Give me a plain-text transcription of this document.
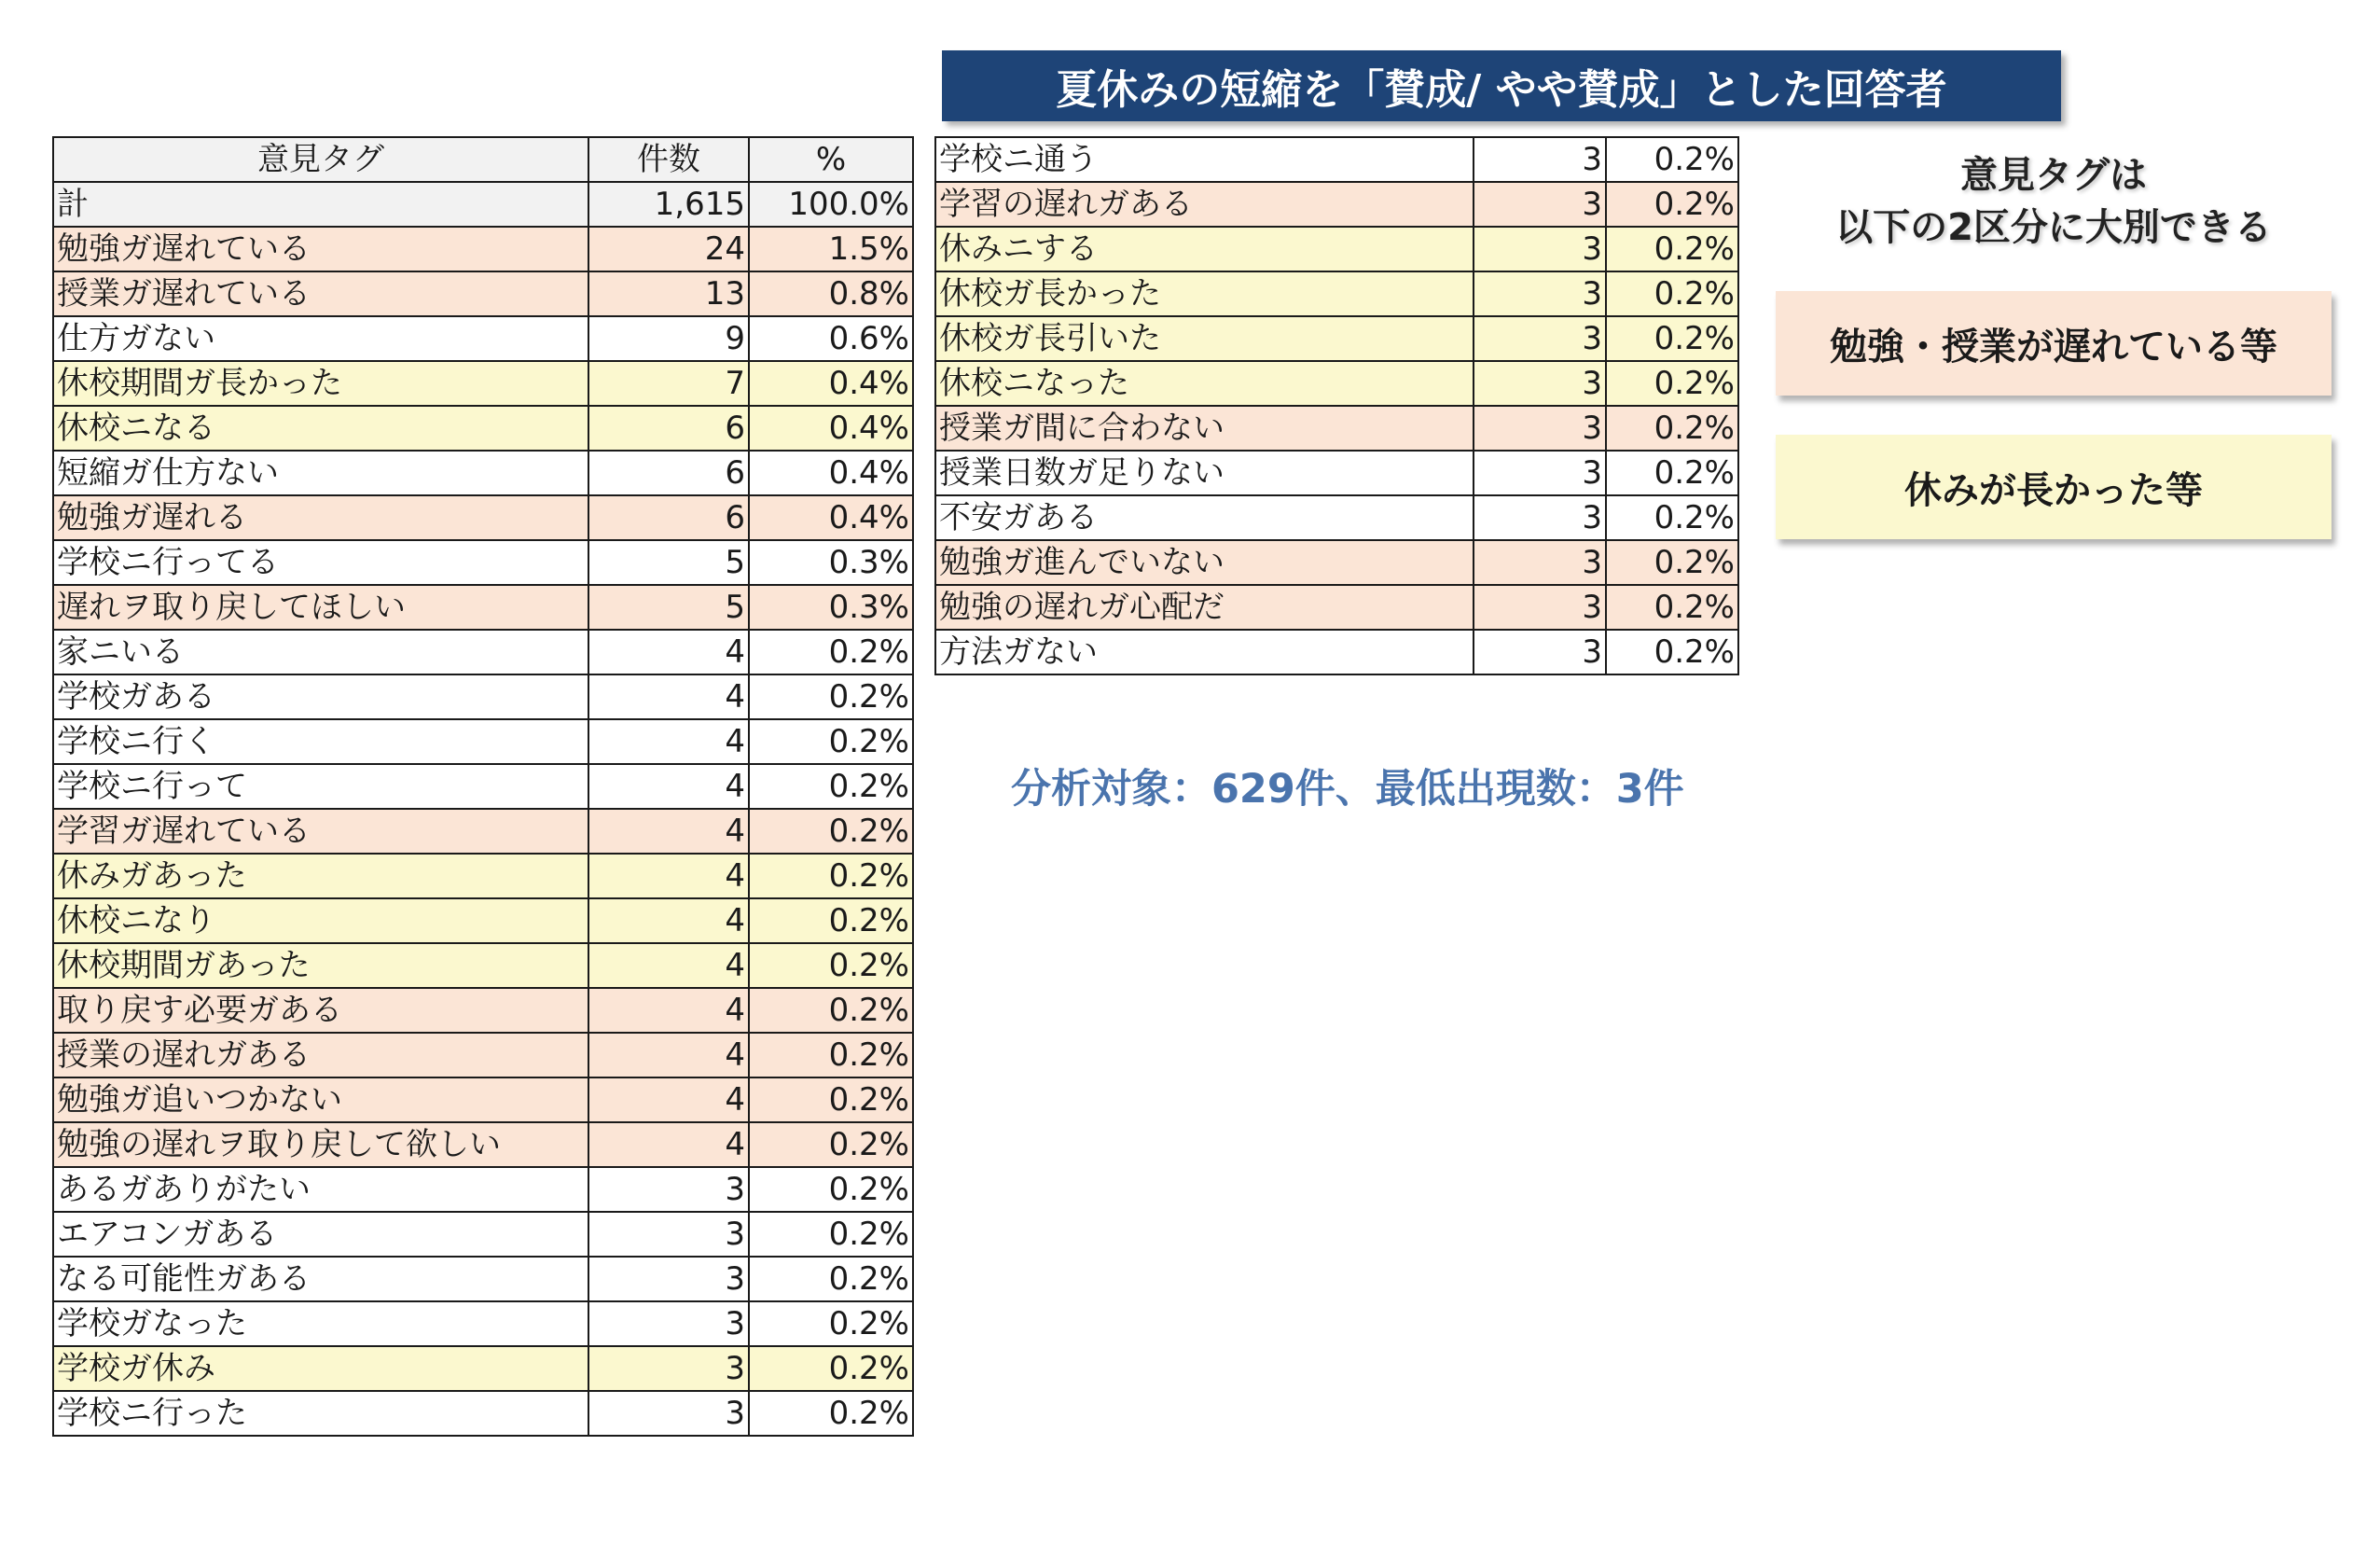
夏休みの短縮を「賛成/ やや賛成」とした回答者
意見タグ	件数	%
計	1,615	100.0%
勉強ガ遅れている	24	1.5%
授業ガ遅れている	13	0.8%
仕方ガない	9	0.6%
休校期間ガ長かった	7	0.4%
休校ニなる	6	0.4%
短縮ガ仕方ない	6	0.4%
勉強ガ遅れる	6	0.4%
学校ニ行ってる	5	0.3%
遅れヲ取り戻してほしい	5	0.3%
家ニいる	4	0.2%
学校ガある	4	0.2%
学校ニ行く	4	0.2%
学校ニ行って	4	0.2%
学習ガ遅れている	4	0.2%
休みガあった	4	0.2%
休校ニなり	4	0.2%
休校期間ガあった	4	0.2%
取り戻す必要ガある	4	0.2%
授業の遅れガある	4	0.2%
勉強ガ追いつかない	4	0.2%
勉強の遅れヲ取り戻して欲しい	4	0.2%
あるガありがたい	3	0.2%
エアコンガある	3	0.2%
なる可能性ガある	3	0.2%
学校ガなった	3	0.2%
学校ガ休み	3	0.2%
学校ニ行った	3	0.2%
学校ニ通う	3	0.2%
学習の遅れガある	3	0.2%
休みニする	3	0.2%
休校ガ長かった	3	0.2%
休校ガ長引いた	3	0.2%
休校ニなった	3	0.2%
授業ガ間に合わない	3	0.2%
授業日数ガ足りない	3	0.2%
不安ガある	3	0.2%
勉強ガ進んでいない	3	0.2%
勉強の遅れガ心配だ	3	0.2%
方法ガない	3	0.2%
分析対象：629件、最低出現数：3件
意見タグは
以下の2区分に大別できる
勉強・授業が遅れている等
休みが長かった等
